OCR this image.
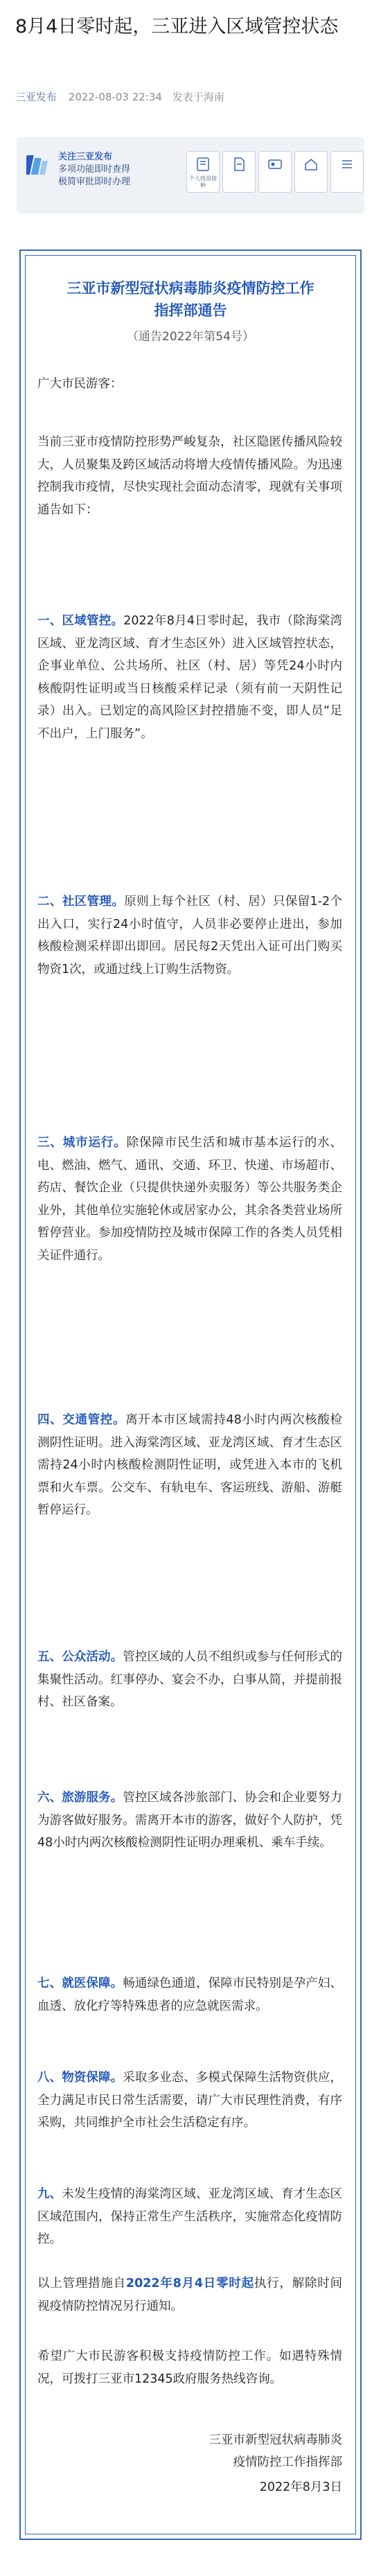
8月4日零时起，三亚进入区域管控状态
三亚发布 2022-08-03 22:34 发表于海南
关注三亚发布
多项功能即时查得
极简审批即时办理	个人疫苗接种
三亚市新型冠状病毒肺炎疫情防控工作
指挥部通告
（通告2022年第54号）

广大市民游客：

当前三亚市疫情防控形势严峻复杂，社区隐匿传播风险较大，人员聚集及跨区域活动将增大疫情传播风险。为迅速控制我市疫情，尽快实现社会面动态清零，现就有关事项通告如下：

一、区域管控。2022年8月4日零时起，我市（除海棠湾区域、亚龙湾区域、育才生态区外）进入区域管控状态，企事业单位、公共场所、社区（村、居）等凭24小时内核酸阴性证明或当日核酸采样记录（须有前一天阴性记录）出入。已划定的高风险区封控措施不变，即人员“足不出户，上门服务”。

二、社区管理。原则上每个社区（村、居）只保留1-2个出入口，实行24小时值守，人员非必要停止进出，参加核酸检测采样即出即回。居民每2天凭出入证可出门购买物资1次，或通过线上订购生活物资。

三、城市运行。除保障市民生活和城市基本运行的水、电、燃油、燃气、通讯、交通、环卫、快递、市场超市、药店、餐饮企业（只提供快递外卖服务）等公共服务类企业外，其他单位实施轮休或居家办公，其余各类营业场所暂停营业。参加疫情防控及城市保障工作的各类人员凭相关证件通行。

四、交通管控。离开本市区域需持48小时内两次核酸检测阴性证明。进入海棠湾区域、亚龙湾区域、育才生态区需持24小时内核酸检测阴性证明，或凭进入本市的飞机票和火车票。公交车、有轨电车、客运班线、游船、游艇暂停运行。

五、公众活动。管控区域的人员不组织或参与任何形式的集聚性活动。红事停办、宴会不办，白事从简，并提前报村、社区备案。

六、旅游服务。管控区域各涉旅部门、协会和企业要努力为游客做好服务。需离开本市的游客，做好个人防护，凭48小时内两次核酸检测阴性证明办理乘机、乘车手续。

七、就医保障。畅通绿色通道，保障市民特别是孕产妇、血透、放化疗等特殊患者的应急就医需求。

八、物资保障。采取多业态、多模式保障生活物资供应，全力满足市民日常生活需要，请广大市民理性消费，有序采购，共同维护全市社会生活稳定有序。

九、未发生疫情的海棠湾区域、亚龙湾区域、育才生态区区域范围内，保持正常生产生活秩序，实施常态化疫情防控。

以上管理措施自2022年8月4日零时起执行，解除时间视疫情防控情况另行通知。

希望广大市民游客积极支持疫情防控工作。如遇特殊情况，可拨打三亚市12345政府服务热线咨询。

三亚市新型冠状病毒肺炎

疫情防控工作指挥部

2022年8月3日
